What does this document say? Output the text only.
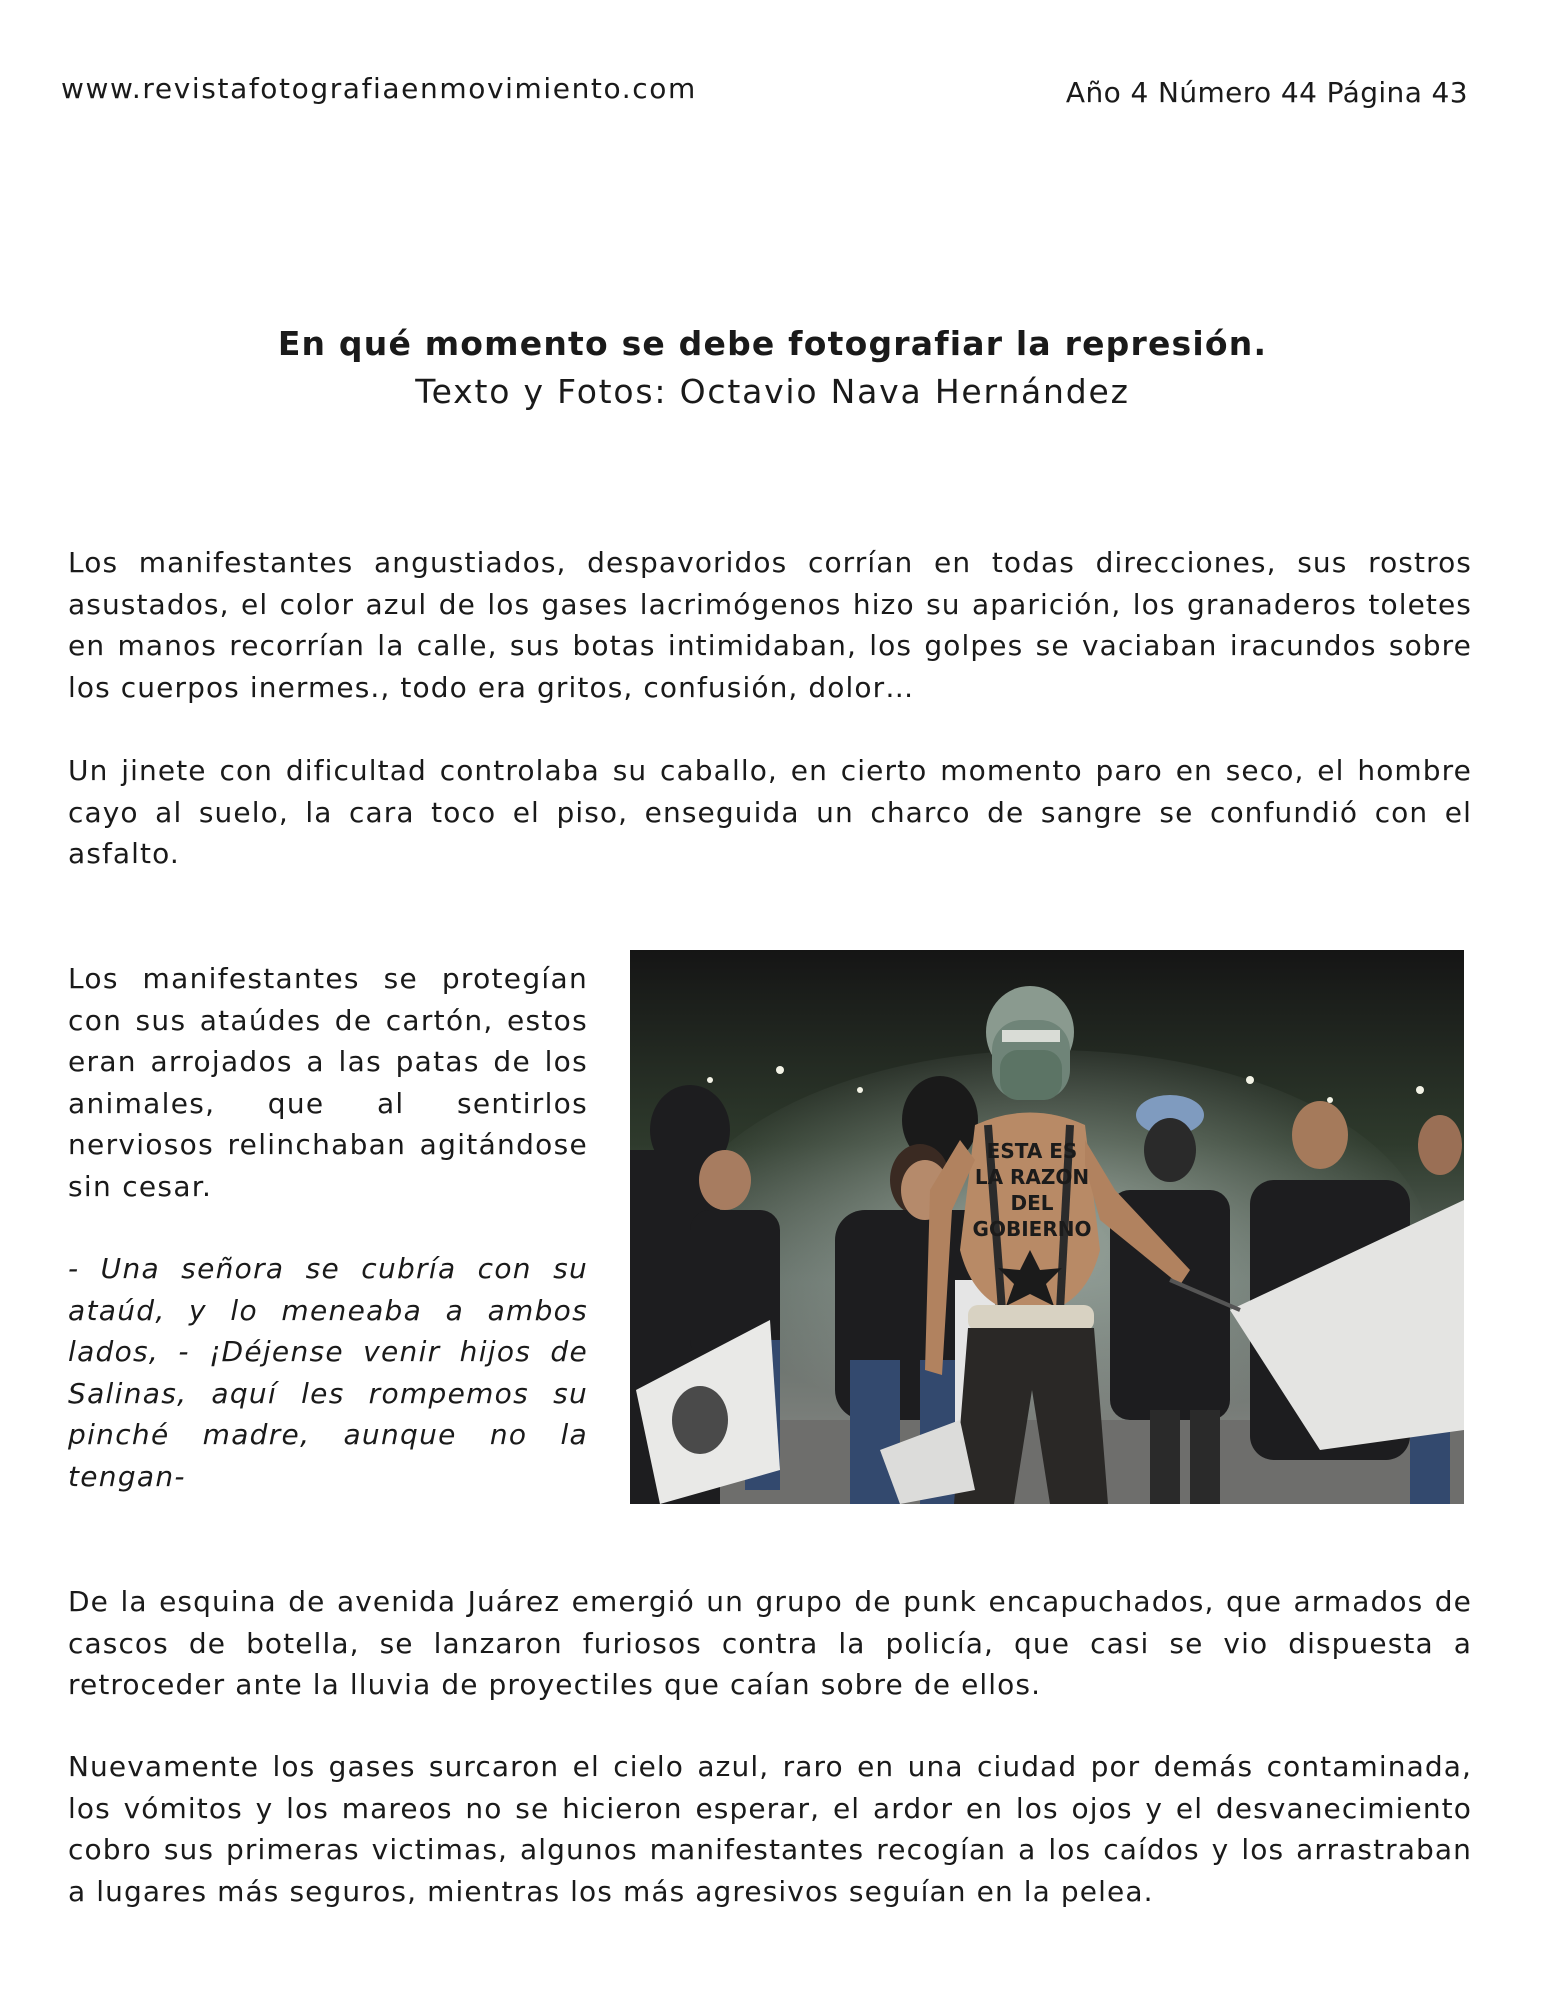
www.revistafotografiaenmovimiento.com	Año 4 Número 44 Página 43
En qué momento se debe fotografiar la represión.
Texto y Fotos: Octavio Nava Hernández

Los manifestantes angustiados, despavoridos corrían en todas direcciones, sus rostros asustados, el color azul de los gases lacrimógenos hizo su aparición, los granaderos toletes en manos recorrían la calle, sus botas intimidaban, los golpes se vaciaban iracundos sobre los cuerpos inermes., todo era gritos, confusión, dolor…

Un jinete con dificultad controlaba su caballo, en cierto momento paro en seco, el hombre cayo al suelo, la cara toco el piso, enseguida un charco de sangre se confundió con el asfalto.

Los manifestantes se protegían con sus ataúdes de cartón, estos eran arrojados a las patas de los animales, que al sentirlos nerviosos relinchaban agitándose sin cesar.

- Una señora se cubría con su ataúd, y lo meneaba a ambos lados, - ¡Déjense venir hijos de Salinas, aquí les rompemos su pinché madre, aunque no la tengan-

ESTA ES
LA RAZON
DEL
GOBIERNO

De la esquina de avenida Juárez emergió un grupo de punk encapuchados, que armados de cascos de botella, se lanzaron furiosos contra la policía, que casi se vio dispuesta a retroceder ante la lluvia de proyectiles que caían sobre de ellos.

Nuevamente los gases surcaron el cielo azul, raro en una ciudad por demás contaminada, los vómitos y los mareos no se hicieron esperar, el ardor en los ojos y el desvanecimiento cobro sus primeras victimas, algunos manifestantes recogían a los caídos y los arrastraban a lugares más seguros, mientras los más agresivos seguían en la pelea.
